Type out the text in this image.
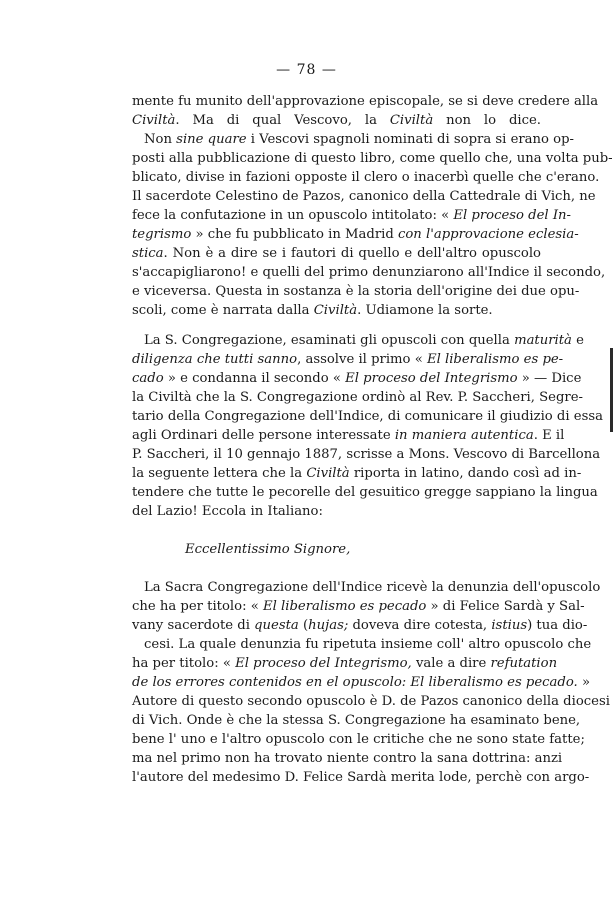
— 78 —
mente fu munito dell'approvazione episcopale, se si deve credere alla
Civiltà. Ma di qual Vescovo, la Civiltà non lo dice.
Non sine quare i Vescovi spagnoli nominati di sopra si erano op-
posti alla pubblicazione di questo libro, come quello che, una volta pub-
blicato, divise in fazioni opposte il clero o inacerbì quelle che c'erano.
Il sacerdote Celestino de Pazos, canonico della Cattedrale di Vich, ne
fece la confutazione in un opuscolo intitolato: « El proceso del In-
tegrismo » che fu pubblicato in Madrid con l'approvacione eclesia-
stica. Non è a dire se i fautori di quello e dell'altro opuscolo
s'accapigliarono! e quelli del primo denunziarono all'Indice il secondo,
e viceversa. Questa in sostanza è la storia dell'origine dei due opu-
scoli, come è narrata dalla Civiltà. Udiamone la sorte.
La S. Congregazione, esaminati gli opuscoli con quella maturità e
diligenza che tutti sanno, assolve il primo « El liberalismo es pe-
cado » e condanna il secondo « El proceso del Integrismo » — Dice
la Civiltà che la S. Congregazione ordinò al Rev. P. Saccheri, Segre-
tario della Congregazione dell'Indice, di comunicare il giudizio di essa
agli Ordinari delle persone interessate in maniera autentica. E il
P. Saccheri, il 10 gennajo 1887, scrisse a Mons. Vescovo di Barcellona
la seguente lettera che la Civiltà riporta in latino, dando così ad in-
tendere che tutte le pecorelle del gesuitico gregge sappiano la lingua
del Lazio! Eccola in Italiano:
Eccellentissimo Signore,
La Sacra Congregazione dell'Indice ricevè la denunzia dell'opuscolo
che ha per titolo: « El liberalismo es pecado » di Felice Sardà y Sal-
vany sacerdote di questa (hujas; doveva dire cotesta, istius) tua dio-
cesi. La quale denunzia fu ripetuta insieme coll' altro opuscolo che
ha per titolo: « El proceso del Integrismo, vale a dire refutation
de los errores contenidos en el opuscolo: El liberalismo es pecado. »
Autore di questo secondo opuscolo è D. de Pazos canonico della diocesi
di Vich. Onde è che la stessa S. Congregazione ha esaminato bene,
bene l' uno e l'altro opuscolo con le critiche che ne sono state fatte;
ma nel primo non ha trovato niente contro la sana dottrina: anzi
l'autore del medesimo D. Felice Sardà merita lode, perchè con argo-
